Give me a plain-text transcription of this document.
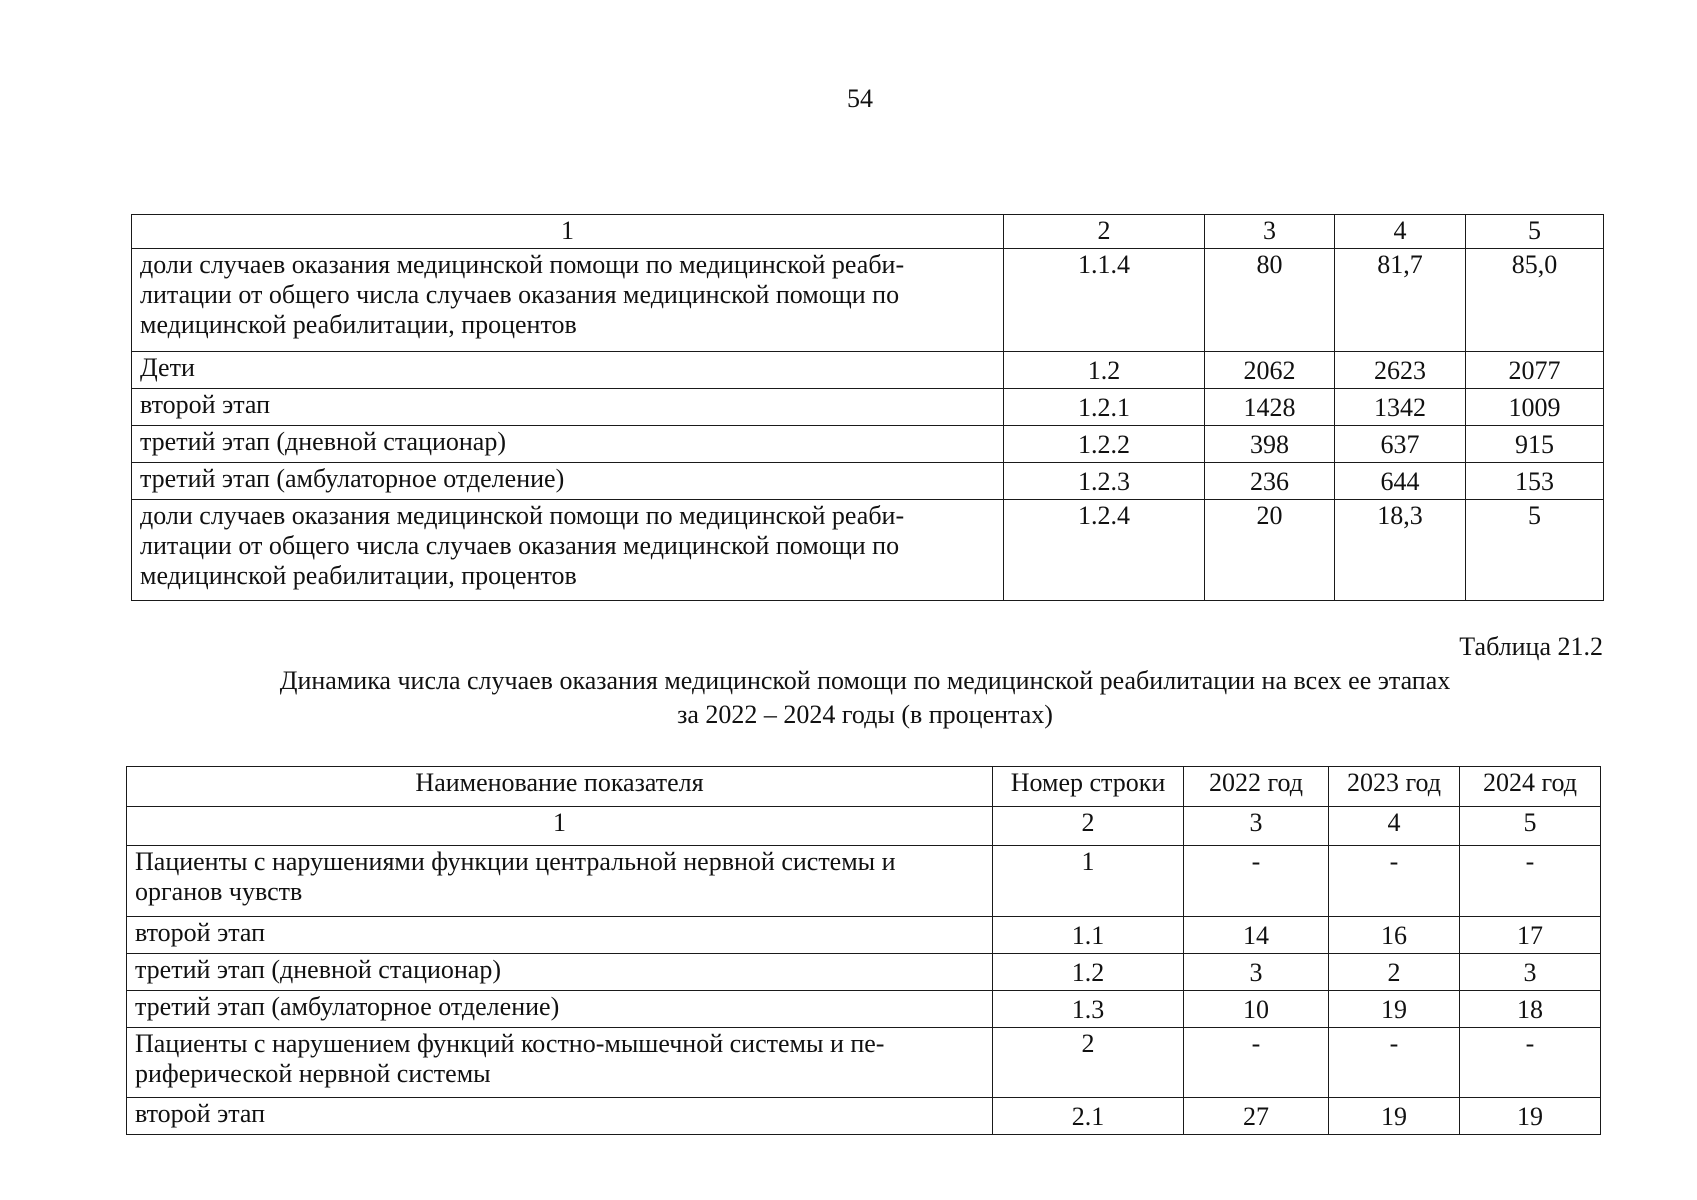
54
1	2	3	4	5
доли случаев оказания медицинской помощи по медицинской реаби-литации от общего числа случаев оказания медицинской помощи по медицинской реабилитации, процентов	1.1.4	80	81,7	85,0
Дети	1.2	2062	2623	2077
второй этап	1.2.1	1428	1342	1009
третий этап (дневной стационар)	1.2.2	398	637	915
третий этап (амбулаторное отделение)	1.2.3	236	644	153
доли случаев оказания медицинской помощи по медицинской реаби-литации от общего числа случаев оказания медицинской помощи по медицинской реабилитации, процентов	1.2.4	20	18,3	5
Таблица 21.2
Динамика числа случаев оказания медицинской помощи по медицинской реабилитации на всех ее этапах
за 2022 – 2024 годы (в процентах)
Наименование показателя	Номер строки	2022 год	2023 год	2024 год
1	2	3	4	5
Пациенты с нарушениями функции центральной нервной системы и органов чувств	1	-	-	-
второй этап	1.1	14	16	17
третий этап (дневной стационар)	1.2	3	2	3
третий этап (амбулаторное отделение)	1.3	10	19	18
Пациенты с нарушением функций костно-мышечной системы и пе-риферической нервной системы	2	-	-	-
второй этап	2.1	27	19	19
